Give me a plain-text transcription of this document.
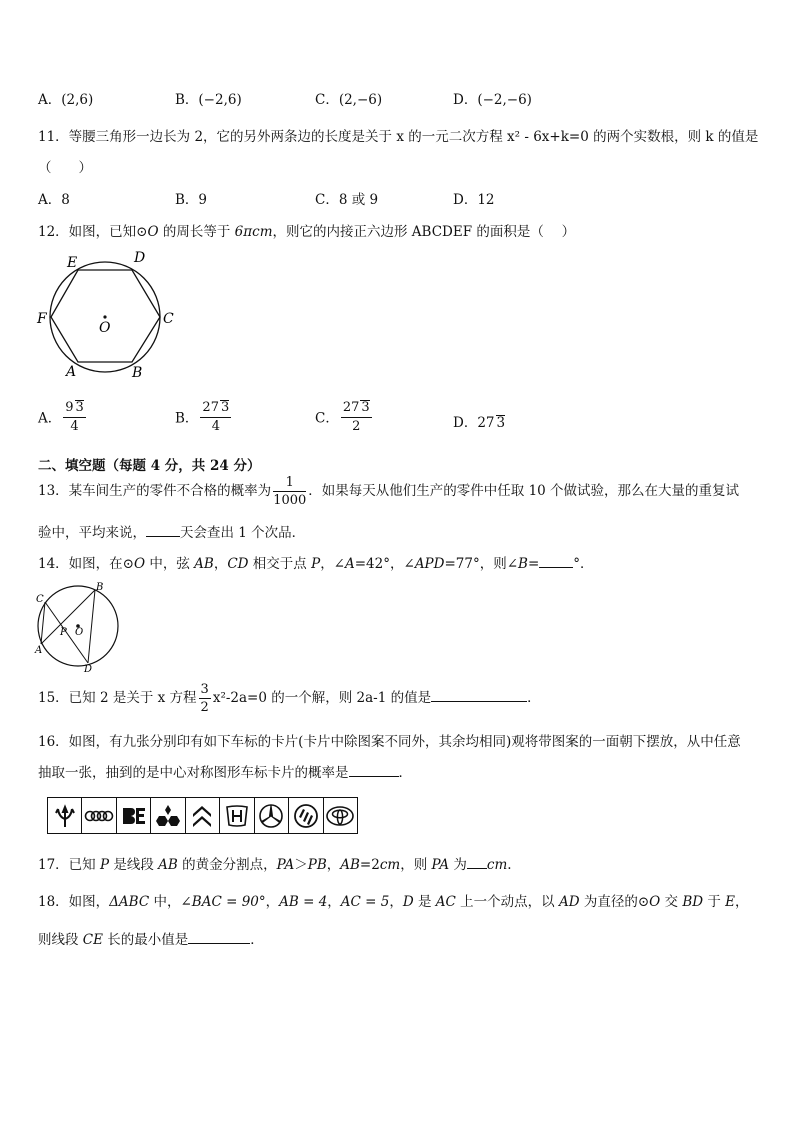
A．(2,6)	B．(−2,6)	C．(2,−6)	D．(−2,−6)
11．等腰三角形一边长为 2，它的另外两条边的长度是关于 x 的一元二次方程 x² - 6x+k=0 的两个实数根，则 k 的值是
（　　）
A．8	B．9	C．8 或 9	D．12
12．如图，已知⊙O 的周长等于 6πcm，则它的内接正六边形 ABCDEF 的面积是（　 ）
E	D
F
O
C
A	B
A． $\frac{9 3}{4}$	B． $\frac{27 3}{4}$	C． $\frac{27 3}{2}$	D．27 3
二、填空题（每题 4 分，共 24 分）
13．某车间生产的零件不合格的概率为 $\frac{1}{1000}$ ．如果每天从他们生产的零件中任取 10 个做试验，那么在大量的重复试
验中，平均来说，	天会查出 1 个次品．
14．如图，在⊙O 中，弦 AB，CD 相交于点 P，∠A=42°，∠APD=77°，则∠B=	°．
B
C
P O
A
D
15．已知 2 是关于 x 方程 $\frac{3}{2} x^2-2a=0$ 的一个解，则 2a-1 的值是	．
16．如图，有九张分别印有如下车标的卡片(卡片中除图案不同外，其余均相同)观将带图案的一面朝下摆放，从中任意
抽取一张，抽到的是中心对称图形车标卡片的概率是	．
17．已知 P 是线段 AB 的黄金分割点，PA＞PB，AB=2cm，则 PA 为 cm.
18．如图，ΔABC 中，∠BAC = 90°，AB = 4，AC = 5，D 是 AC 上一个动点，以 AD 为直径的⊙O 交 BD 于 E，
则线段 CE 长的最小值是	．
